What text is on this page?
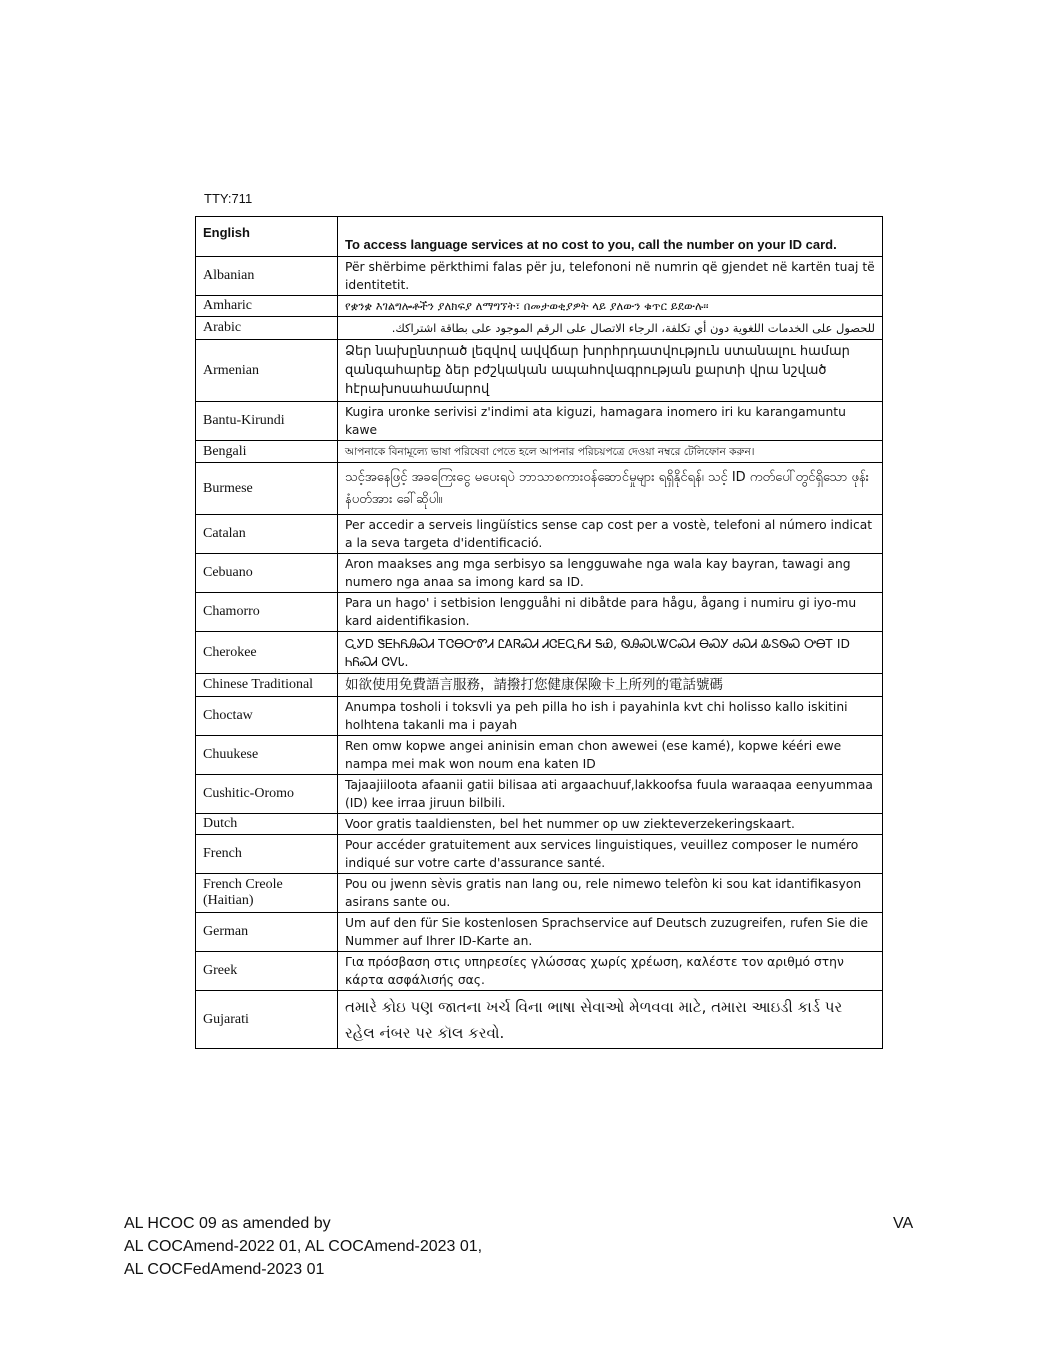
TTY:711
English	To access language services at no cost to you, call the number on your ID card.
Albanian	Për shërbime përkthimi falas për ju, telefononi në numrin që gjendet në kartën tuaj të identitetit.
Amharic	የቋንቋ እገልግሎቶችን ያለክፍያ ለማግኘት፣ በመታወቂያዎት ላይ ያለውን ቁጥር ይደውሉ፡፡
Arabic	للحصول على الخدمات اللغوية دون أي تكلفة، الرجاء الاتصال على الرقم الموجود على بطاقة اشتراكك.
Armenian	Ձեր նախընտրած լեզվով ավվճար խորհրդատվություն ստանալու համար զանգահարեք ձեր բժշկական ապահովագրության քարտի վրա նշված հէրախոսահամարով
Bantu-Kirundi	Kugira uronke serivisi z'indimi ata kiguzi, hamagara inomero iri ku karangamuntu kawe
Bengali	আপনাকে বিনামূল্যে ভাষা পরিষেবা পেতে হলে আপনার পরিচয়পত্রে দেওয়া নম্বরে টেলিফোন করুন।
Burmese	သင့်အနေဖြင့် အခကြေးငွေ မပေးရပဲ ဘာသာစကားဝန်ဆောင်မှုများ ရရှိနိုင်ရန်၊ သင့် ID ကတ်ပေါ်တွင်ရှိသော ဖုန်းနံပတ်အား ခေါ်ဆိုပါ။
Catalan	Per accedir a serveis lingüístics sense cap cost per a vostè, telefoni al número indicat a la seva targeta d'identificació.
Cebuano	Aron maakses ang mga serbisyo sa lengguwahe nga wala kay bayran, tawagi ang numero nga anaa sa imong kard sa ID.
Chamorro	Para un hago' i setbision lengguåhi ni dibåtde para hågu, ågang i numiru gi iyo-mu kard aidentifikasion.
Cherokee	ᏩᎩᎠ ᏕᎬᏂᏲᎯᏍᏗ ᎢᏣᎾᏅᏛᏗ ᏝᎪᏒᏍᏗ ᏗᏣᎬᏩᏲᏗ ᎦᏯ, ᏫᎯᏍᏓᏔᏟᏍᏗ ᎾᏍᎩ ᏧᏍᏗ ᎲᏚᏫᏍ ᎤᎾᎢ ID ᏂᏲᏍᏗ ᏣᏙᏓ.
Chinese Traditional	如欲使用免費語言服務，請撥打您健康保險卡上所列的電話號碼
Choctaw	Anumpa tosholi i toksvli ya peh pilla ho ish i payahinla kvt chi holisso kallo iskitini holhtena takanli ma i payah
Chuukese	Ren omw kopwe angei aninisin eman chon awewei (ese kamé), kopwe kééri ewe nampa mei mak won noum ena katen ID
Cushitic-Oromo	Tajaajiiloota afaanii gatii bilisaa ati argaachuuf,lakkoofsa fuula waraaqaa eenyummaa (ID) kee irraa jiruun bilbili.
Dutch	Voor gratis taaldiensten, bel het nummer op uw ziekteverzekeringskaart.
French	Pour accéder gratuitement aux services linguistiques, veuillez composer le numéro indiqué sur votre carte d'assurance santé.
French Creole (Haitian)	Pou ou jwenn sèvis gratis nan lang ou, rele nimewo telefòn ki sou kat idantifikasyon asirans sante ou.
German	Um auf den für Sie kostenlosen Sprachservice auf Deutsch zuzugreifen, rufen Sie die Nummer auf Ihrer ID-Karte an.
Greek	Για πρόσβαση στις υπηρεσίες γλώσσας χωρίς χρέωση, καλέστε τον αριθμό στην κάρτα ασφάλισής σας.
Gujarati	તમારે કોઇ પણ જાતના ખર્ચ વિના ભાષા સેવાઓ મેળવવા માટે, તમારા આઇડી કાર્ડ પર રહેલ નંબર પર કૉલ કરવો.
AL HCOC 09 as amended by
AL COCAmend-2022 01, AL COCAmend-2023 01,
AL COCFedAmend-2023 01
VA
